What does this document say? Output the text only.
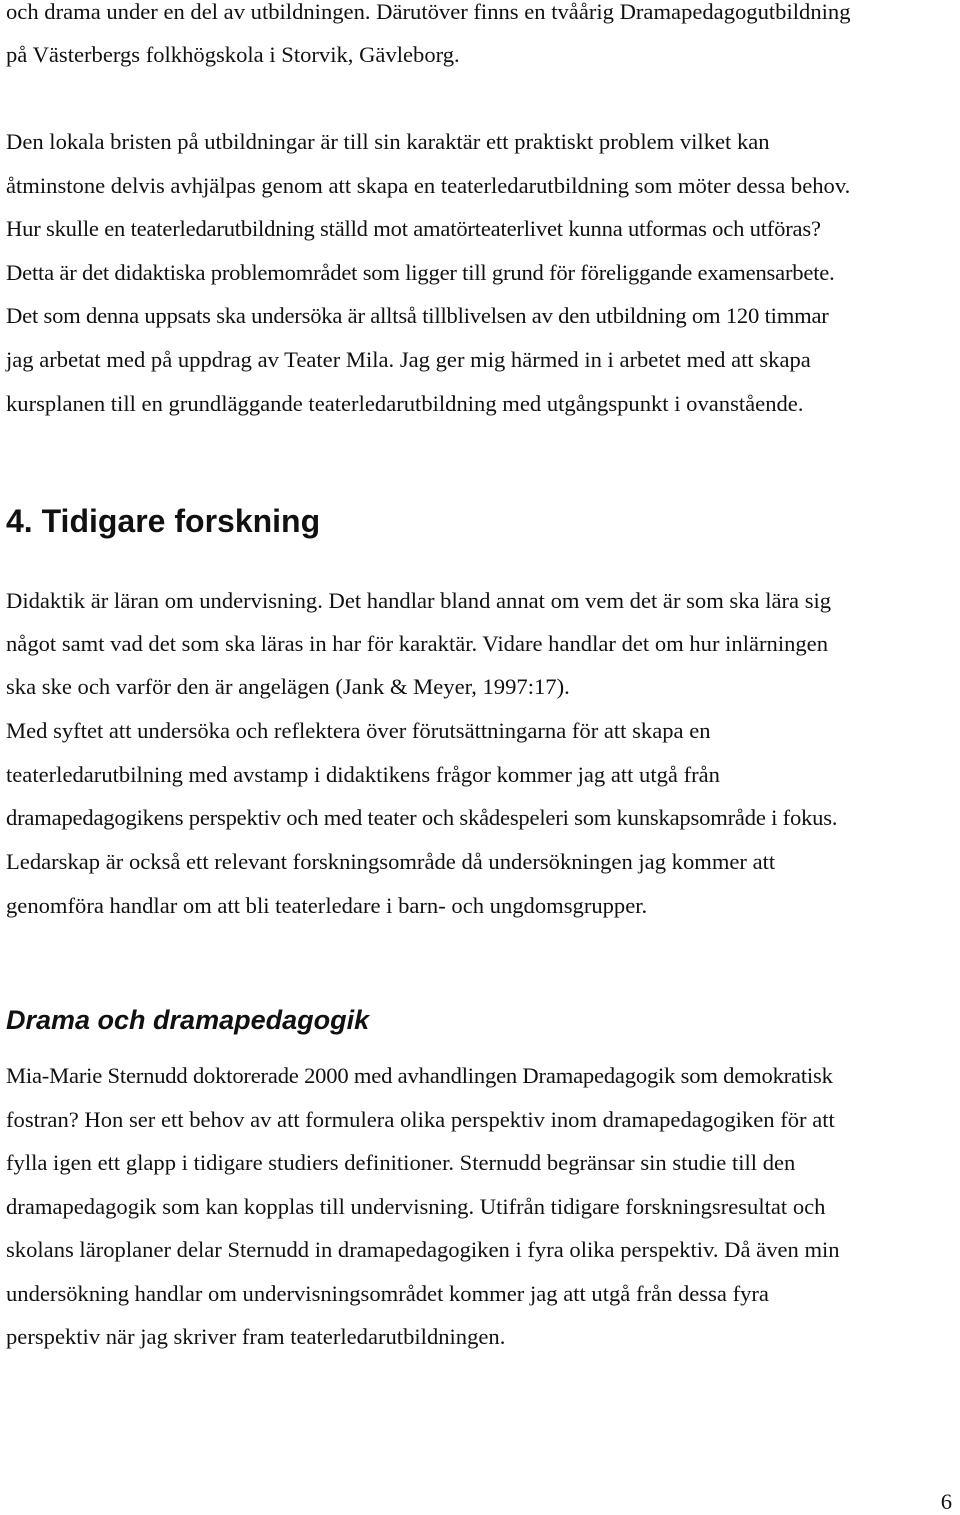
och drama under en del av utbildningen. Därutöver finns en tvåårig Dramapedagogutbildning

på Västerbergs folkhögskola i Storvik, Gävleborg.

Den lokala bristen på utbildningar är till sin karaktär ett praktiskt problem vilket kan

åtminstone delvis avhjälpas genom att skapa en teaterledarutbildning som möter dessa behov.

Hur skulle en teaterledarutbildning ställd mot amatörteaterlivet kunna utformas och utföras?

Detta är det didaktiska problemområdet som ligger till grund för föreliggande examensarbete.

Det som denna uppsats ska undersöka är alltså tillblivelsen av den utbildning om 120 timmar

jag arbetat med på uppdrag av Teater Mila. Jag ger mig härmed in i arbetet med att skapa

kursplanen till en grundläggande teaterledarutbildning med utgångspunkt i ovanstående.

4. Tidigare forskning

Didaktik är läran om undervisning. Det handlar bland annat om vem det är som ska lära sig

något samt vad det som ska läras in har för karaktär. Vidare handlar det om hur inlärningen

ska ske och varför den är angelägen (Jank & Meyer, 1997:17).

Med syftet att undersöka och reflektera över förutsättningarna för att skapa en

teaterledarutbilning med avstamp i didaktikens frågor kommer jag att utgå från

dramapedagogikens perspektiv och med teater och skådespeleri som kunskapsområde i fokus.

Ledarskap är också ett relevant forskningsområde då undersökningen jag kommer att

genomföra handlar om att bli teaterledare i barn- och ungdomsgrupper.

Drama och dramapedagogik

Mia-Marie Sternudd doktorerade 2000 med avhandlingen Dramapedagogik som demokratisk

fostran? Hon ser ett behov av att formulera olika perspektiv inom dramapedagogiken för att

fylla igen ett glapp i tidigare studiers definitioner. Sternudd begränsar sin studie till den

dramapedagogik som kan kopplas till undervisning. Utifrån tidigare forskningsresultat och

skolans läroplaner delar Sternudd in dramapedagogiken i fyra olika perspektiv. Då även min

undersökning handlar om undervisningsområdet kommer jag att utgå från dessa fyra

perspektiv när jag skriver fram teaterledarutbildningen.

6
